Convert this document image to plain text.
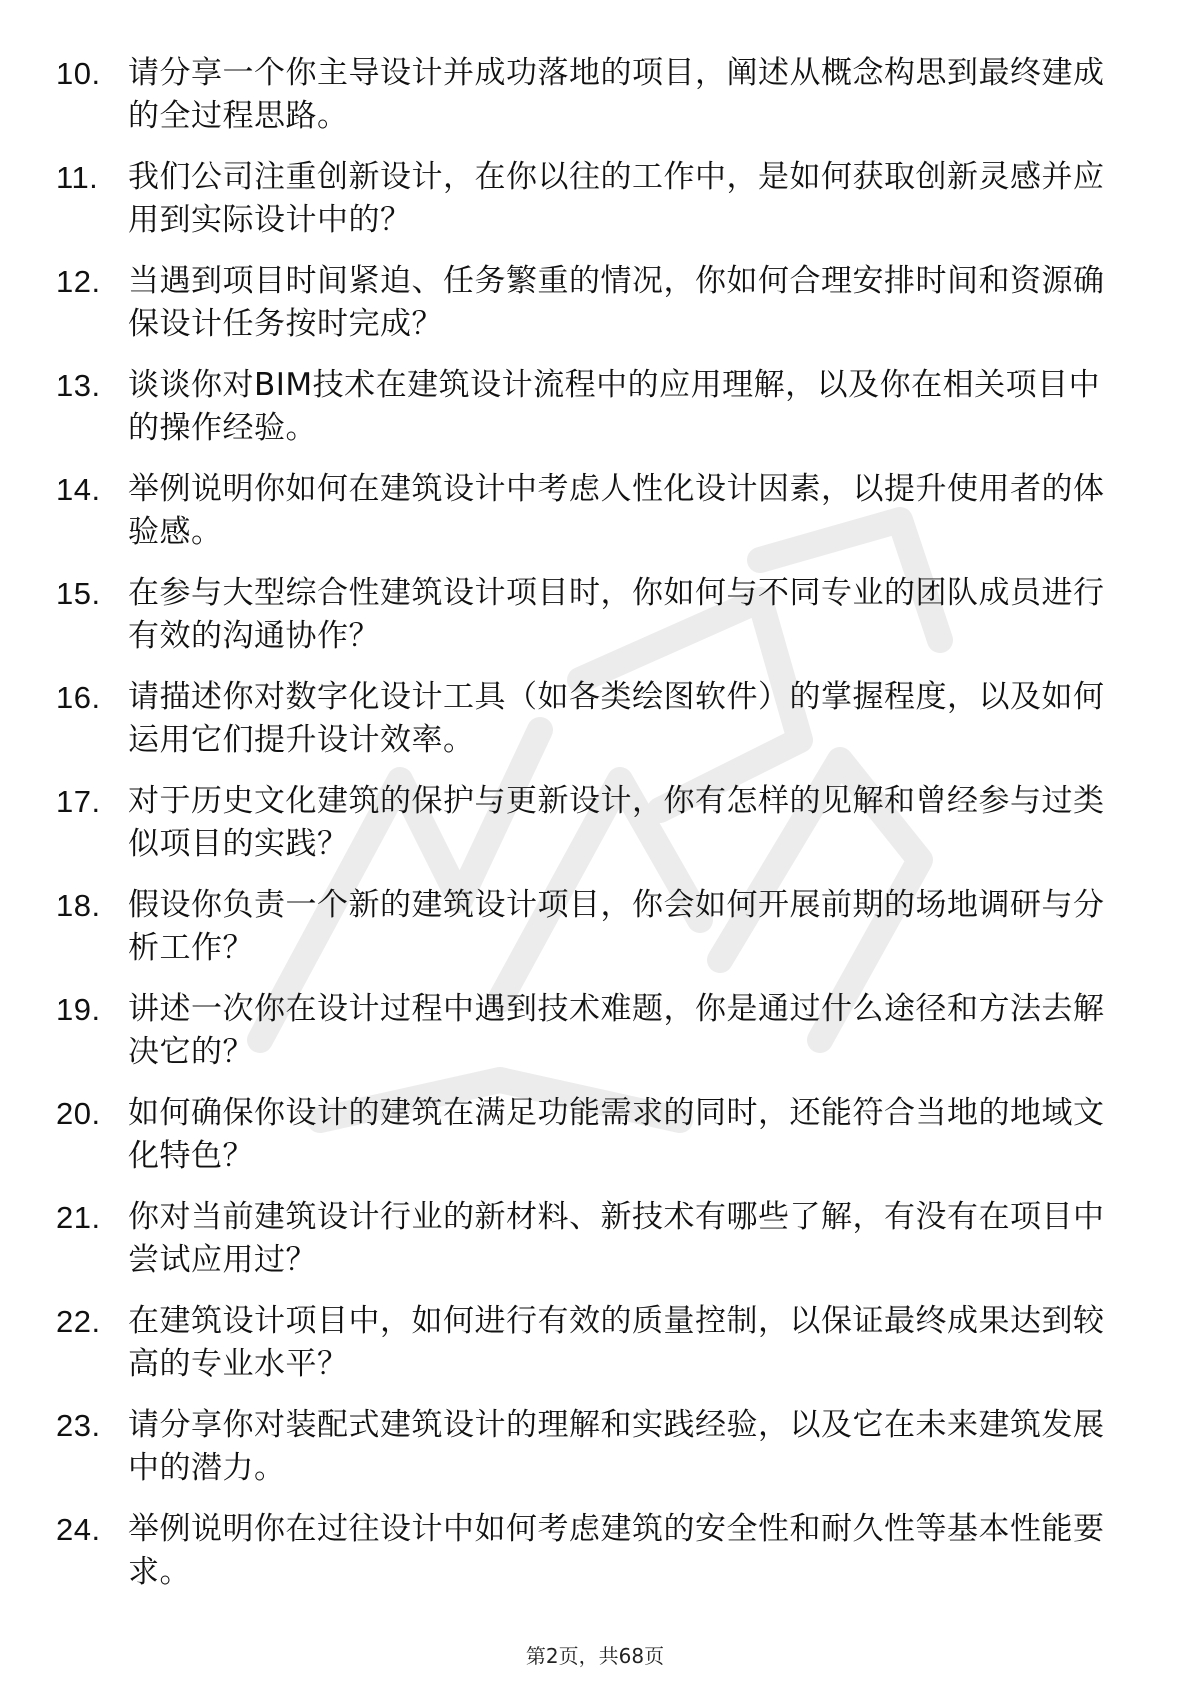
10. 请分享一个你主导设计并成功落地的项目，阐述从概念构思到最终建成的全过程思路。
11. 我们公司注重创新设计，在你以往的工作中，是如何获取创新灵感并应用到实际设计中的？
12. 当遇到项目时间紧迫、任务繁重的情况，你如何合理安排时间和资源确保设计任务按时完成？
13. 谈谈你对BIM技术在建筑设计流程中的应用理解，以及你在相关项目中的操作经验。
14. 举例说明你如何在建筑设计中考虑人性化设计因素，以提升使用者的体验感。
15. 在参与大型综合性建筑设计项目时，你如何与不同专业的团队成员进行有效的沟通协作？
16. 请描述你对数字化设计工具（如各类绘图软件）的掌握程度，以及如何运用它们提升设计效率。
17. 对于历史文化建筑的保护与更新设计，你有怎样的见解和曾经参与过类似项目的实践？
18. 假设你负责一个新的建筑设计项目，你会如何开展前期的场地调研与分析工作？
19. 讲述一次你在设计过程中遇到技术难题，你是通过什么途径和方法去解决它的？
20. 如何确保你设计的建筑在满足功能需求的同时，还能符合当地的地域文化特色？
21. 你对当前建筑设计行业的新材料、新技术有哪些了解，有没有在项目中尝试应用过？
22. 在建筑设计项目中，如何进行有效的质量控制，以保证最终成果达到较高的专业水平？
23. 请分享你对装配式建筑设计的理解和实践经验，以及它在未来建筑发展中的潜力。
24. 举例说明你在过往设计中如何考虑建筑的安全性和耐久性等基本性能要求。
第2页，共68页
